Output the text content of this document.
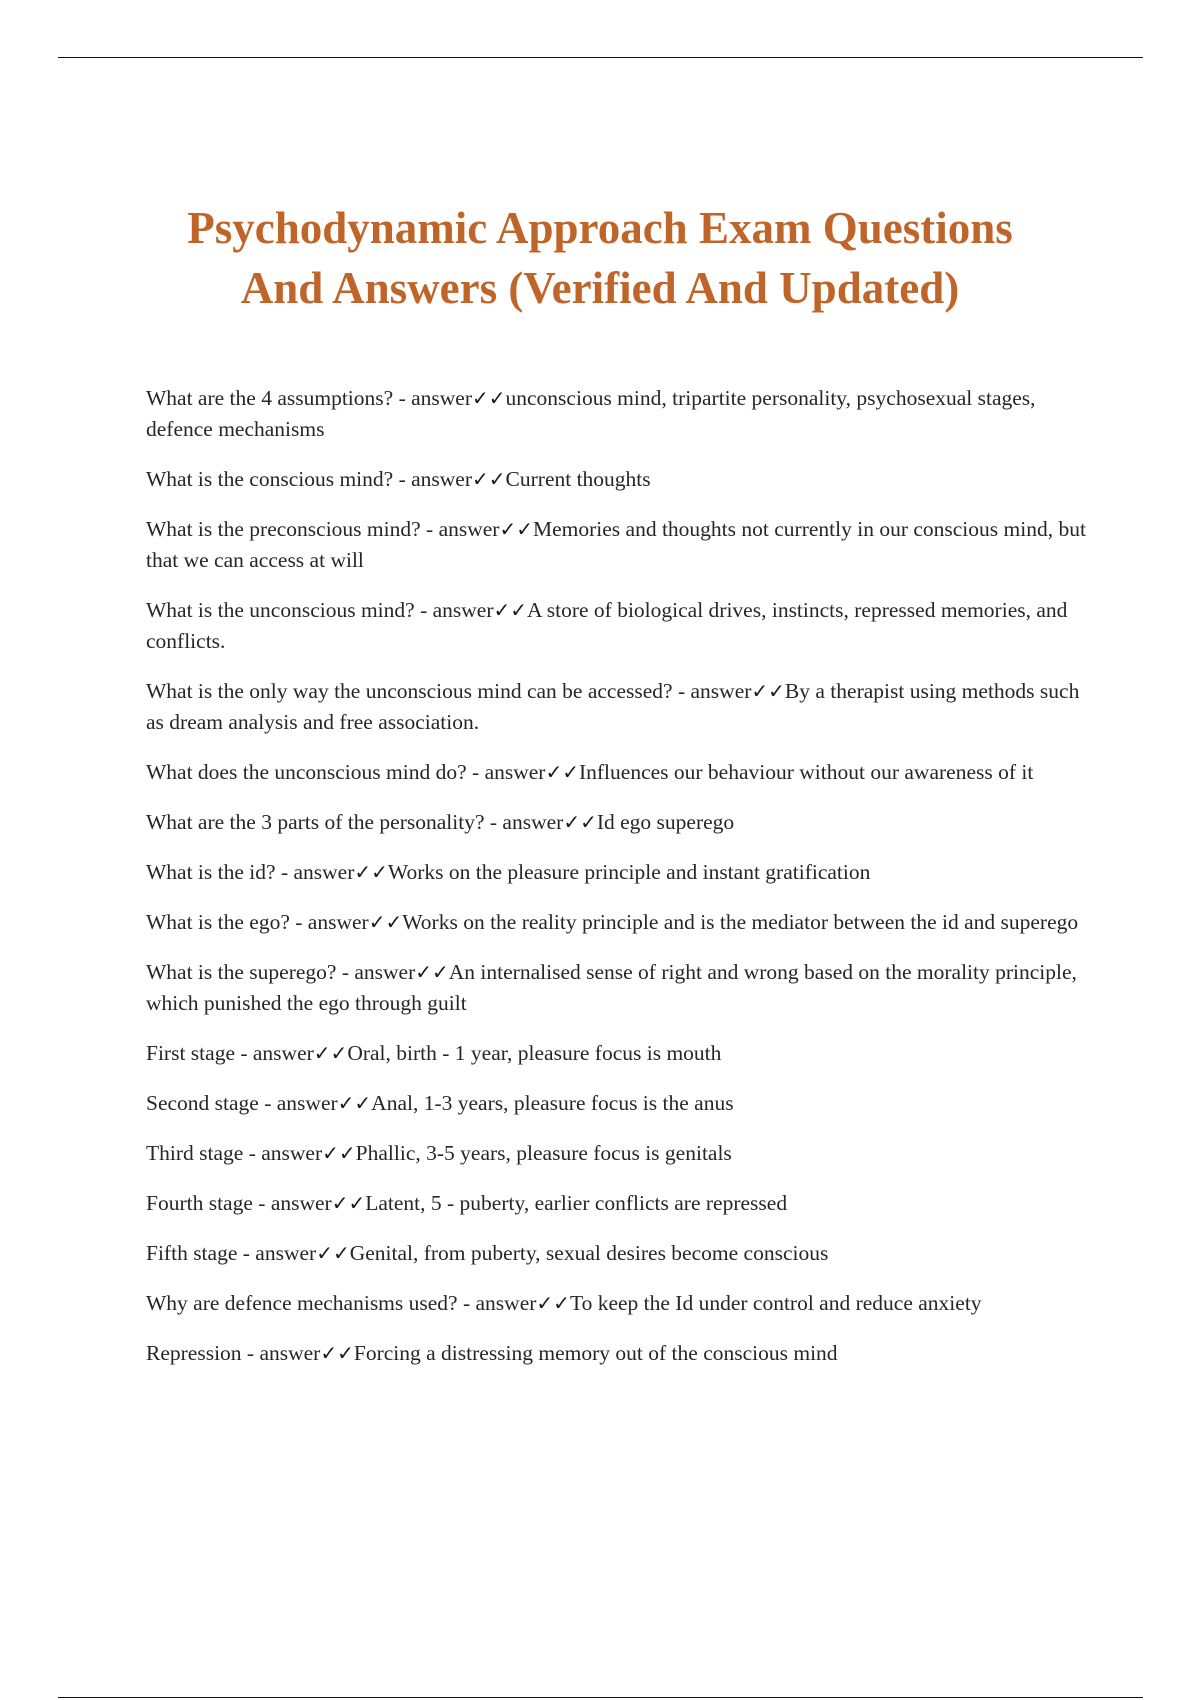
Psychodynamic Approach Exam Questions
And Answers (Verified And Updated)
What are the 4 assumptions? - answer✓✓unconscious mind, tripartite personality, psychosexual stages, defence mechanisms
What is the conscious mind? - answer✓✓Current thoughts
What is the preconscious mind? - answer✓✓Memories and thoughts not currently in our conscious mind, but that we can access at will
What is the unconscious mind? - answer✓✓A store of biological drives, instincts, repressed memories, and conflicts.
What is the only way the unconscious mind can be accessed? - answer✓✓By a therapist using methods such as dream analysis and free association.
What does the unconscious mind do? - answer✓✓Influences our behaviour without our awareness of it
What are the 3 parts of the personality? - answer✓✓Id ego superego
What is the id? - answer✓✓Works on the pleasure principle and instant gratification
What is the ego? - answer✓✓Works on the reality principle and is the mediator between the id and superego
What is the superego? - answer✓✓An internalised sense of right and wrong based on the morality principle, which punished the ego through guilt
First stage - answer✓✓Oral, birth - 1 year, pleasure focus is mouth
Second stage - answer✓✓Anal, 1-3 years, pleasure focus is the anus
Third stage - answer✓✓Phallic, 3-5 years, pleasure focus is genitals
Fourth stage - answer✓✓Latent, 5 - puberty, earlier conflicts are repressed
Fifth stage - answer✓✓Genital, from puberty, sexual desires become conscious
Why are defence mechanisms used? - answer✓✓To keep the Id under control and reduce anxiety
Repression - answer✓✓Forcing a distressing memory out of the conscious mind
